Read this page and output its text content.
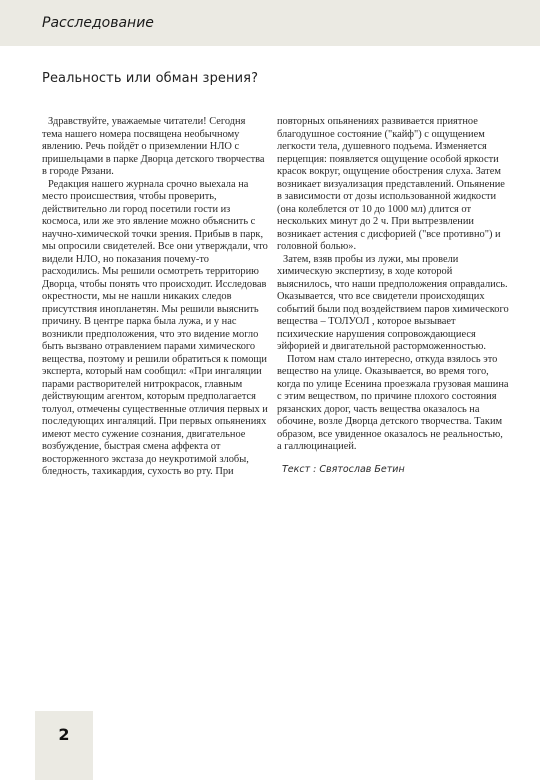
Расследование
Реальность или обман зрения?

Здравствуйте, уважаемые читатели! Сегодня тема нашего номера посвящена необычному явлению. Речь пойдёт о приземлении НЛО с пришельцами в парке Дворца детского творчества в городе Рязани.

Редакция нашего журнала срочно выехала на место происшествия, чтобы проверить, действительно ли город посетили гости из космоса, или же это явление можно объяснить с научно-химической точки зрения. Прибыв в парк, мы опросили свидетелей. Все они утверждали, что видели НЛО, но показания почему-то расходились. Мы решили осмотреть территорию Дворца, чтобы понять что происходит. Исследовав окрестности, мы не нашли никаких следов присутствия инопланетян. Мы решили выяснить причину. В центре парка была лужа, и у нас возникли предположения, что это видение могло быть вызвано отравлением парами химического вещества, поэтому и решили обратиться к помощи эксперта, который нам сообщил: «При ингаляции парами растворителей нитрокрасок, главным действующим агентом, которым предполагается толуол, отмечены существенные отличия первых и последующих ингаляций. При первых опьянениях имеют место сужение сознания, двигательное возбуждение, быстрая смена аффекта от восторженного экстаза до неукротимой злобы, бледность, тахикардия, сухость во рту. При

повторных опьянениях развивается приятное благодушное состояние ("кайф") с ощущением легкости тела, душевного подъема. Изменяется перцепция: появляется ощущение особой яркости красок вокруг, ощущение обострения слуха. Затем возникает визуализация представлений. Опьянение в зависимости от дозы использованной жидкости (она колеблется от 10 до 1000 мл) длится от нескольких минут до 2 ч. При вытрезвлении возникает астения с дисфорией ("все противно") и головной болью».

Затем, взяв пробы из лужи, мы провели химическую экспертизу, в ходе которой выяснилось, что наши предположения оправдались. Оказывается, что все свидетели происходящих событий были под воздействием паров химического вещества – ТОЛУОЛ , которое вызывает психические нарушения сопровождающиеся эйфорией и двигательной расторможенностью.

Потом нам стало интересно, откуда взялось это вещество на улице. Оказывается, во время того, когда по улице Есенина проезжала грузовая машина с этим веществом, по причине плохого состояния рязанских дорог, часть вещества оказалось на обочине, возле Дворца детского творчества. Таким образом, все увиденное оказалось не реальностью, а галлюцинацией.

Текст : Святослав Бетин

2
